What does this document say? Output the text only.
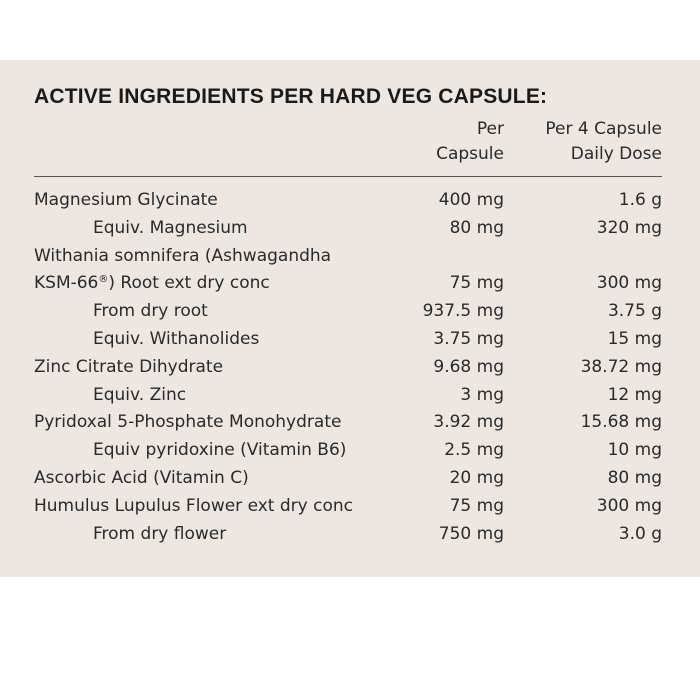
ACTIVE INGREDIENTS PER HARD VEG CAPSULE:
Per
Capsule
Per 4 Capsule
Daily Dose
Magnesium Glycinate	400 mg	1.6 g
Equiv. Magnesium	80 mg	320 mg
Withania somnifera (Ashwagandha
KSM-66®) Root ext dry conc	75 mg	300 mg
From dry root	937.5 mg	3.75 g
Equiv. Withanolides	3.75 mg	15 mg
Zinc Citrate Dihydrate	9.68 mg	38.72 mg
Equiv. Zinc	3 mg	12 mg
Pyridoxal 5-Phosphate Monohydrate	3.92 mg	15.68 mg
Equiv pyridoxine (Vitamin B6)	2.5 mg	10 mg
Ascorbic Acid (Vitamin C)	20 mg	80 mg
Humulus Lupulus Flower ext dry conc	75 mg	300 mg
From dry flower	750 mg	3.0 g
